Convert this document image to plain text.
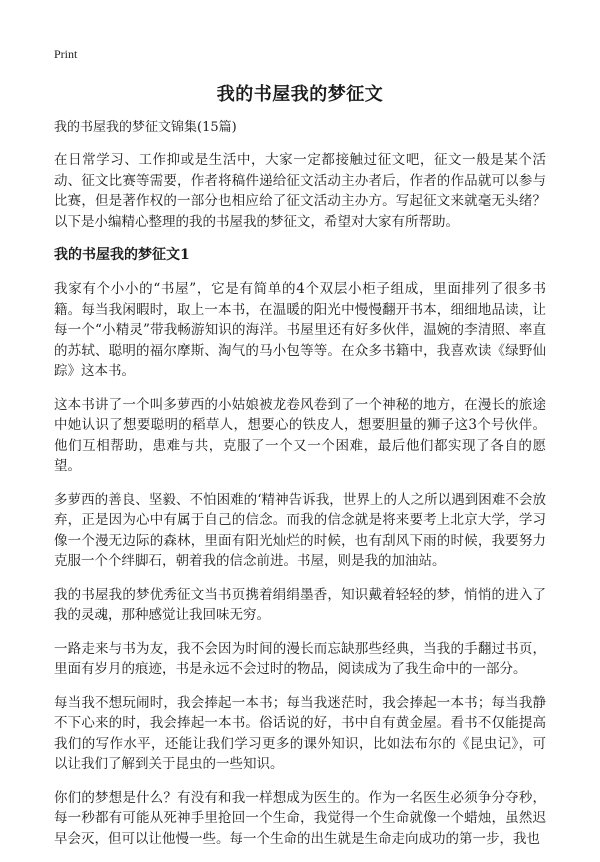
Print
我的书屋我的梦征文
我的书屋我的梦征文锦集(15篇)

在日常学习、工作抑或是生活中，大家一定都接触过征文吧，征文一般是某个活动、征文比赛等需要，作者将稿件递给征文活动主办者后，作者的作品就可以参与比赛，但是著作权的一部分也相应给了征文活动主办方。写起征文来就毫无头绪？以下是小编精心整理的我的书屋我的梦征文，希望对大家有所帮助。

我的书屋我的梦征文1

我家有个小小的“书屋”，它是有简单的4个双层小柜子组成，里面排列了很多书籍。每当我闲暇时，取上一本书，在温暖的阳光中慢慢翻开书本，细细地品读，让每一个“小精灵”带我畅游知识的海洋。书屋里还有好多伙伴，温婉的李清照、率直的苏轼、聪明的福尔摩斯、淘气的马小包等等。在众多书籍中，我喜欢读《绿野仙踪》这本书。

这本书讲了一个叫多萝西的小姑娘被龙卷风卷到了一个神秘的地方，在漫长的旅途中她认识了想要聪明的稻草人，想要心的铁皮人，想要胆量的狮子这3个号伙伴。他们互相帮助，患难与共，克服了一个又一个困难，最后他们都实现了各自的愿望。

多萝西的善良、坚毅、不怕困难的‘精神告诉我，世界上的人之所以遇到困难不会放弃，正是因为心中有属于自己的信念。而我的信念就是将来要考上北京大学，学习像一个漫无边际的森林，里面有阳光灿烂的时候，也有刮风下雨的时候，我要努力克服一个个绊脚石，朝着我的信念前进。书屋，则是我的加油站。

我的书屋我的梦优秀征文当书页携着绢绢墨香，知识戴着轻轻的梦，悄悄的进入了我的灵魂，那种感觉让我回味无穷。

一路走来与书为友，我不会因为时间的漫长而忘缺那些经典，当我的手翻过书页，里面有岁月的痕迹，书是永远不会过时的物品，阅读成为了我生命中的一部分。

每当我不想玩闹时，我会捧起一本书；每当我迷茫时，我会捧起一本书；每当我静不下心来的时，我会捧起一本书。俗话说的好，书中自有黄金屋。看书不仅能提高我们的写作水平，还能让我们学习更多的课外知识，比如法布尔的《昆虫记》，可以让我们了解到关于昆虫的一些知识。

你们的梦想是什么？有没有和我一样想成为医生的。作为一名医生必须争分夺秒，每一秒都有可能从死神手里抢回一个生命，我觉得一个生命就像一个蜡烛，虽然迟早会灭，但可以让他慢一些。每一个生命的出生就是生命走向成功的第一步，我也
